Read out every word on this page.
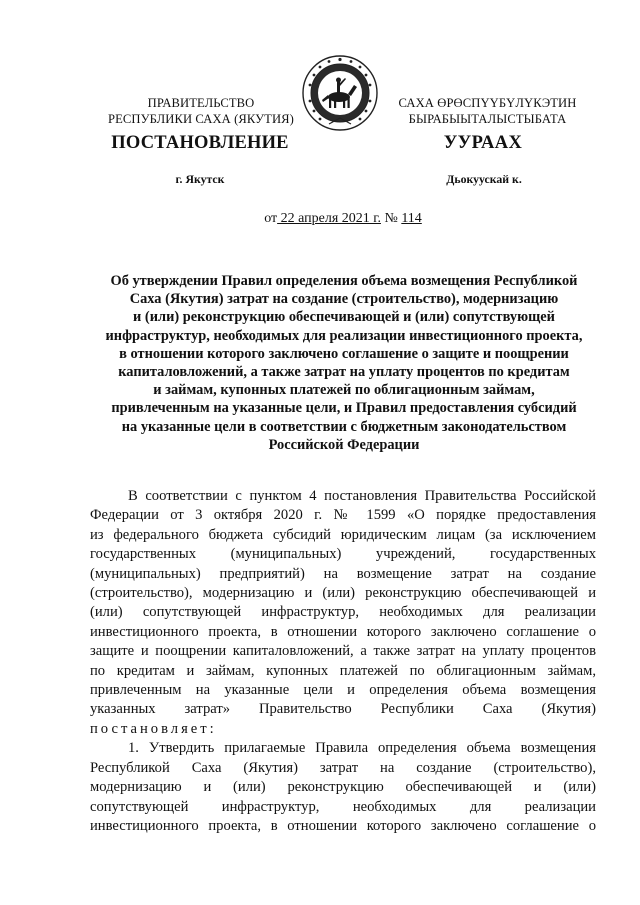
ПРАВИТЕЛЬСТВО
РЕСПУБЛИКИ САХА (ЯКУТИЯ)
САХА ӨРӨСПҮҮБҮЛҮКЭТИН
БЫРАБЫЫТАЛЫСТЫБАТА
ПОСТАНОВЛЕНИЕ	УУРААХ
г. Якутск	Дьокуускай к.
от 22 апреля 2021 г. № 114
Об утверждении Правил определения объема возмещения Республикой
Саха (Якутия) затрат на создание (строительство), модернизацию
и (или) реконструкцию обеспечивающей и (или) сопутствующей
инфраструктур, необходимых для реализации инвестиционного проекта,
в отношении которого заключено соглашение о защите и поощрении
капиталовложений, а также затрат на уплату процентов по кредитам
и займам, купонных платежей по облигационным займам,
привлеченным на указанные цели, и Правил предоставления субсидий
на указанные цели в соответствии с бюджетным законодательством
Российской Федерации
В соответствии с пунктом 4 постановления Правительства Российской
Федерации от 3 октября 2020 г. № 1599 «О порядке предоставления
из федерального бюджета субсидий юридическим лицам (за исключением
государственных (муниципальных) учреждений, государственных
(муниципальных) предприятий) на возмещение затрат на создание
(строительство), модернизацию и (или) реконструкцию обеспечивающей и
(или) сопутствующей инфраструктур, необходимых для реализации
инвестиционного проекта, в отношении которого заключено соглашение о
защите и поощрении капиталовложений, а также затрат на уплату процентов
по кредитам и займам, купонных платежей по облигационным займам,
привлеченным на указанные цели и определения объема возмещения
указанных затрат» Правительство Республики Саха (Якутия)
постановляет:
1. Утвердить прилагаемые Правила определения объема возмещения
Республикой Саха (Якутия) затрат на создание (строительство),
модернизацию и (или) реконструкцию обеспечивающей и (или)
сопутствующей инфраструктур, необходимых для реализации
инвестиционного проекта, в отношении которого заключено соглашение о
